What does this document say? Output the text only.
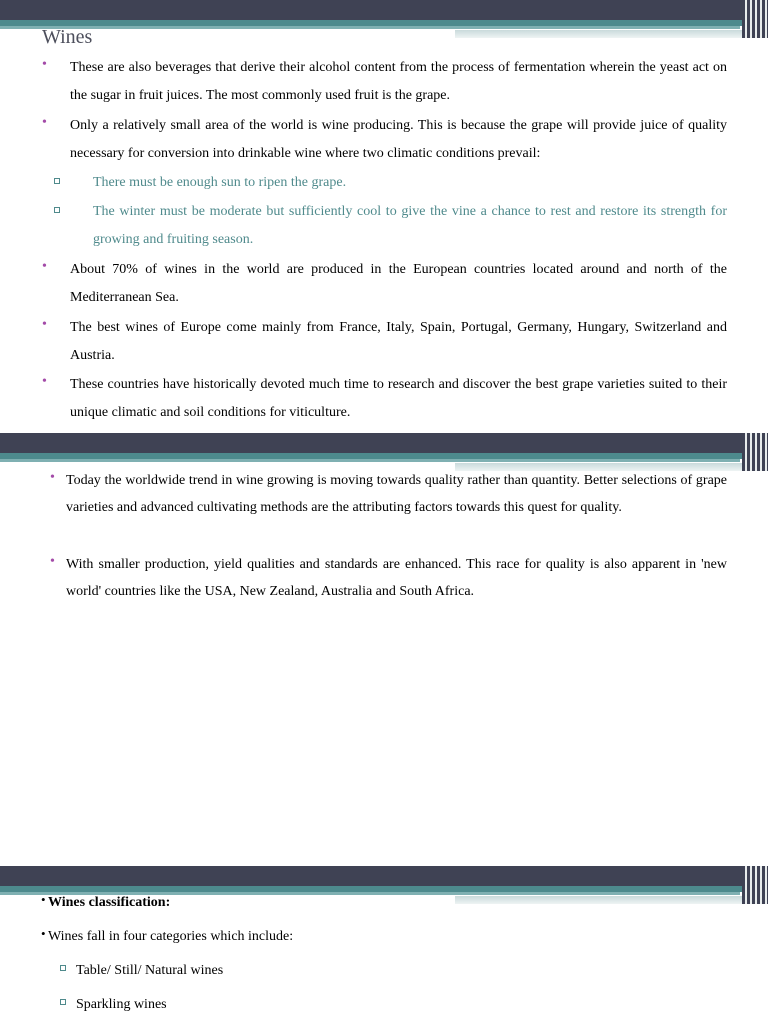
Wines
• These are also beverages that derive their alcohol content from the process of fermentation wherein the yeast act on the sugar in fruit juices. The most commonly used fruit is the grape.
• Only a relatively small area of the world is wine producing. This is because the grape will provide juice of quality necessary for conversion into drinkable wine where two climatic conditions prevail:
There must be enough sun to ripen the grape.
The winter must be moderate but sufficiently cool to give the vine a chance to rest and restore its strength for growing and fruiting season.
• About 70% of wines in the world are produced in the European countries located around and north of the Mediterranean Sea.
• The best wines of Europe come mainly from France, Italy, Spain, Portugal, Germany, Hungary, Switzerland and Austria.
• These countries have historically devoted much time to research and discover the best grape varieties suited to their unique climatic and soil conditions for viticulture.
• Today the worldwide trend in wine growing is moving towards quality rather than quantity. Better selections of grape varieties and advanced cultivating methods are the attributing factors towards this quest for quality.
• With smaller production, yield qualities and standards are enhanced. This race for quality is also apparent in 'new world' countries like the USA, New Zealand, Australia and South Africa.
• Wines classification:
• Wines fall in four categories which include:
Table/ Still/ Natural wines
Sparkling wines
